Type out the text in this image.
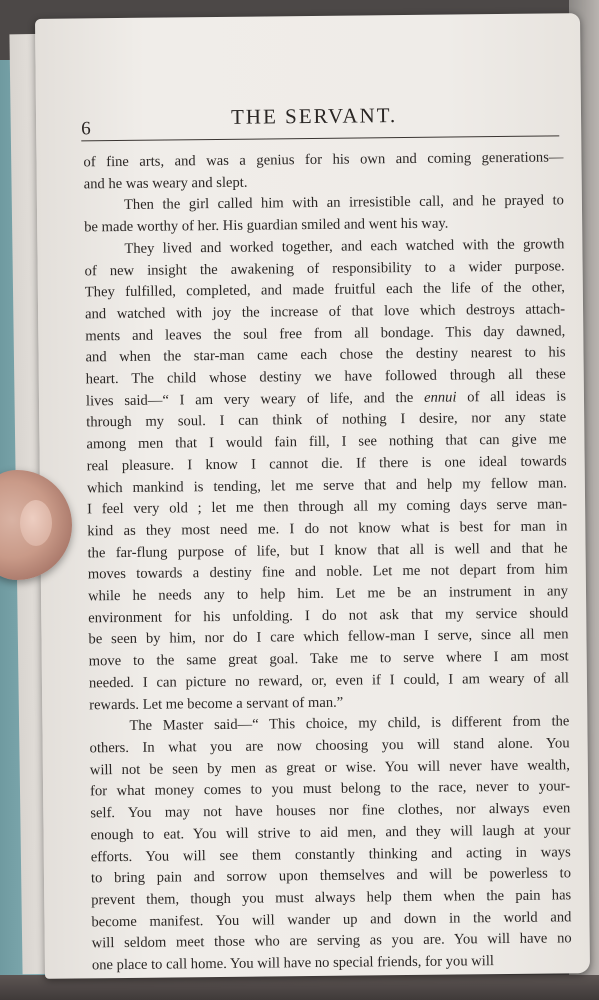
6
THE SERVANT.
of fine arts, and was a genius for his own and coming generations—
and he was weary and slept.
Then the girl called him with an irresistible call, and he prayed to
be made worthy of her. His guardian smiled and went his way.
They lived and worked together, and each watched with the growth
of new insight the awakening of responsibility to a wider purpose.
They fulfilled, completed, and made fruitful each the life of the other,
and watched with joy the increase of that love which destroys attach-
ments and leaves the soul free from all bondage. This day dawned,
and when the star-man came each chose the destiny nearest to his
heart. The child whose destiny we have followed through all these
lives said—“ I am very weary of life, and the ennui of all ideas is
through my soul. I can think of nothing I desire, nor any state
among men that I would fain fill, I see nothing that can give me
real pleasure. I know I cannot die. If there is one ideal towards
which mankind is tending, let me serve that and help my fellow man.
I feel very old ; let me then through all my coming days serve man-
kind as they most need me. I do not know what is best for man in
the far-flung purpose of life, but I know that all is well and that he
moves towards a destiny fine and noble. Let me not depart from him
while he needs any to help him. Let me be an instrument in any
environment for his unfolding. I do not ask that my service should
be seen by him, nor do I care which fellow-man I serve, since all men
move to the same great goal. Take me to serve where I am most
needed. I can picture no reward, or, even if I could, I am weary of all
rewards. Let me become a servant of man.”
The Master said—“ This choice, my child, is different from the
others. In what you are now choosing you will stand alone. You
will not be seen by men as great or wise. You will never have wealth,
for what money comes to you must belong to the race, never to your-
self. You may not have houses nor fine clothes, nor always even
enough to eat. You will strive to aid men, and they will laugh at your
efforts. You will see them constantly thinking and acting in ways
to bring pain and sorrow upon themselves and will be powerless to
prevent them, though you must always help them when the pain has
become manifest. You will wander up and down in the world and
will seldom meet those who are serving as you are. You will have no
one place to call home. You will have no special friends, for you will
